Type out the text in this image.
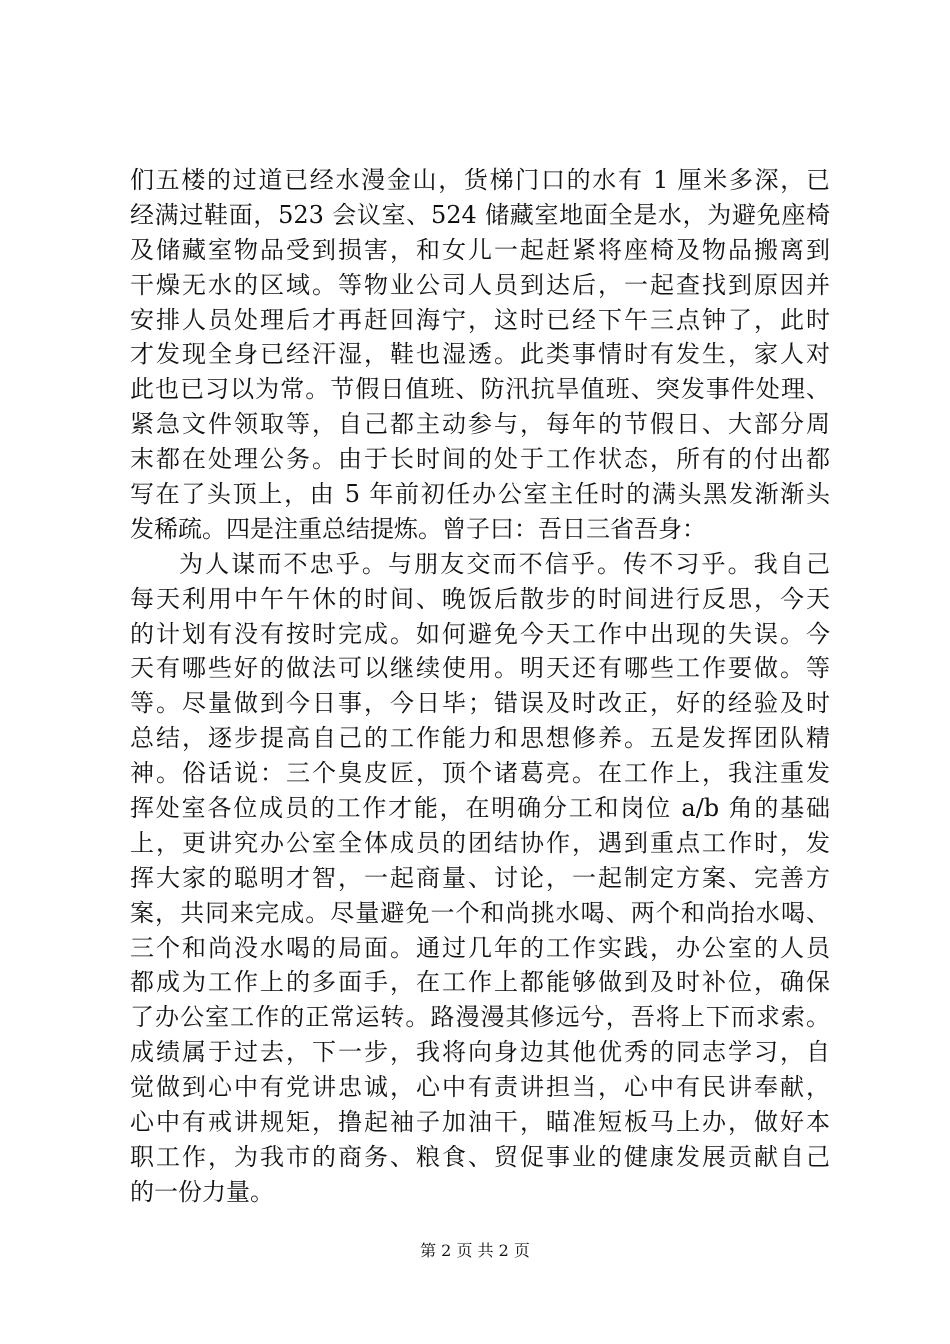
们五楼的过道已经水漫金山，货梯门口的水有 1 厘米多深，已
经满过鞋面，523 会议室、524 储藏室地面全是水，为避免座椅
及储藏室物品受到损害，和女儿一起赶紧将座椅及物品搬离到
干燥无水的区域。等物业公司人员到达后，一起查找到原因并
安排人员处理后才再赶回海宁，这时已经下午三点钟了，此时
才发现全身已经汗湿，鞋也湿透。此类事情时有发生，家人对
此也已习以为常。节假日值班、防汛抗旱值班、突发事件处理、
紧急文件领取等，自己都主动参与，每年的节假日、大部分周
末都在处理公务。由于长时间的处于工作状态，所有的付出都
写在了头顶上，由 5 年前初任办公室主任时的满头黑发渐渐头
发稀疏。四是注重总结提炼。曾子曰：吾日三省吾身：
为人谋而不忠乎。与朋友交而不信乎。传不习乎。我自己
每天利用中午午休的时间、晚饭后散步的时间进行反思，今天
的计划有没有按时完成。如何避免今天工作中出现的失误。今
天有哪些好的做法可以继续使用。明天还有哪些工作要做。等
等。尽量做到今日事，今日毕；错误及时改正，好的经验及时
总结，逐步提高自己的工作能力和思想修养。五是发挥团队精
神。俗话说：三个臭皮匠，顶个诸葛亮。在工作上，我注重发
挥处室各位成员的工作才能，在明确分工和岗位 a/b 角的基础
上，更讲究办公室全体成员的团结协作，遇到重点工作时，发
挥大家的聪明才智，一起商量、讨论，一起制定方案、完善方
案，共同来完成。尽量避免一个和尚挑水喝、两个和尚抬水喝、
三个和尚没水喝的局面。通过几年的工作实践，办公室的人员
都成为工作上的多面手，在工作上都能够做到及时补位，确保
了办公室工作的正常运转。路漫漫其修远兮，吾将上下而求索。
成绩属于过去，下一步，我将向身边其他优秀的同志学习，自
觉做到心中有党讲忠诚，心中有责讲担当，心中有民讲奉献，
心中有戒讲规矩，撸起袖子加油干，瞄准短板马上办，做好本
职工作，为我市的商务、粮食、贸促事业的健康发展贡献自己
的一份力量。
第 2 页 共 2 页
